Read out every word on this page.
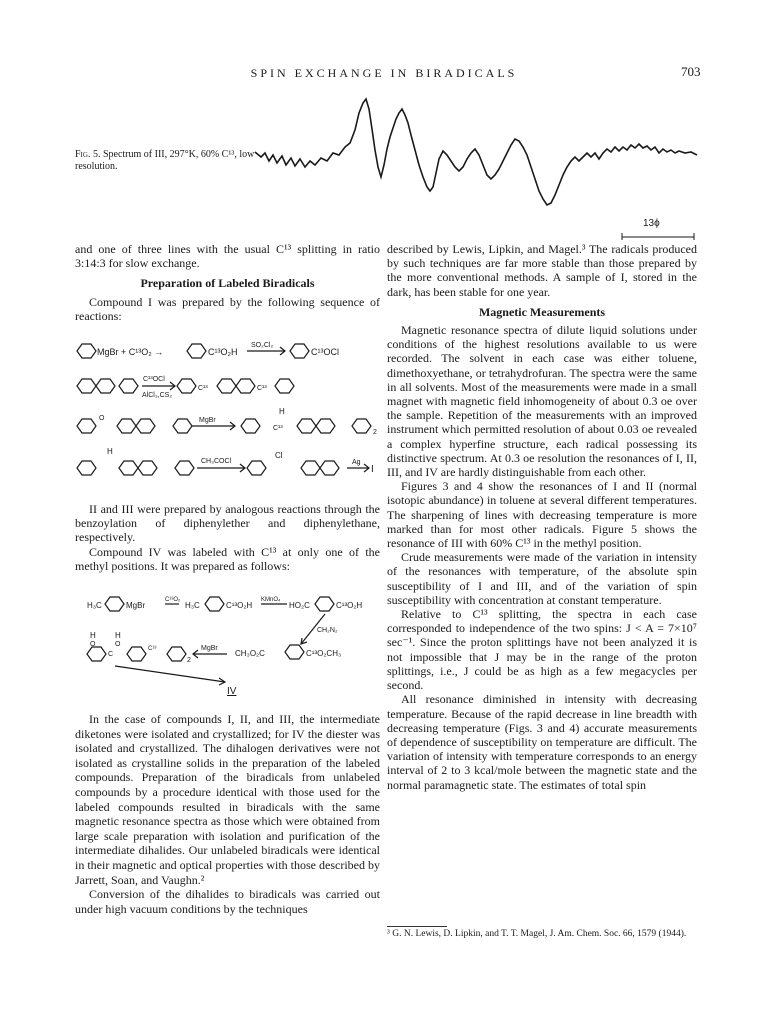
SPIN EXCHANGE IN BIRADICALS	703
Fig. 5. Spectrum of III, 297°K, 60% C¹³, low resolution.
13ϕ

and one of three lines with the usual C¹³ splitting in ratio 3:14:3 for slow exchange.

Preparation of Labeled Biradicals

Compound I was prepared by the following sequence of reactions:

MgBr + C¹³O₂ →	C¹³O₂H
SO₂Cl₂
C¹³OCl
C¹³OCl
AlCl₃,CS₂
C¹³	C¹³
O	MgBr
H
C¹³
2
H
CH₃COCl
Cl
Ag
I

II and III were prepared by analogous reactions through the benzoylation of diphenylether and diphenylethane, respectively.

Compound IV was labeled with C¹³ at only one of the methyl positions. It was prepared as follows:

H₃C	MgBr
C¹³O₂
H₃C	C¹³O₂H
KMnO₄
HO₂C	C¹³O₂H
CH₂N₂
H H
O	O
C
C¹³
2
MgBr
CH₃O₂C	C¹³O₂CH₃
IV

In the case of compounds I, II, and III, the intermediate diketones were isolated and crystallized; for IV the diester was isolated and crystallized. The dihalogen derivatives were not isolated as crystalline solids in the preparation of the labeled compounds. Preparation of the biradicals from unlabeled compounds by a procedure identical with those used for the labeled compounds resulted in biradicals with the same magnetic resonance spectra as those which were obtained from large scale preparation with isolation and purification of the intermediate dihalides. Our unlabeled biradicals were identical in their magnetic and optical properties with those described by Jarrett, Soan, and Vaughn.²

Conversion of the dihalides to biradicals was carried out under high vacuum conditions by the techniques

described by Lewis, Lipkin, and Magel.³ The radicals produced by such techniques are far more stable than those prepared by the more conventional methods. A sample of I, stored in the dark, has been stable for one year.

Magnetic Measurements

Magnetic resonance spectra of dilute liquid solutions under conditions of the highest resolutions available to us were recorded. The solvent in each case was either toluene, dimethoxyethane, or tetrahydrofuran. The spectra were the same in all solvents. Most of the measurements were made in a small magnet with magnetic field inhomogeneity of about 0.3 oe over the sample. Repetition of the measurements with an improved instrument which permitted resolution of about 0.03 oe revealed a complex hyperfine structure, each radical possessing its distinctive spectrum. At 0.3 oe resolution the resonances of I, II, III, and IV are hardly distinguishable from each other.

Figures 3 and 4 show the resonances of I and II (normal isotopic abundance) in toluene at several different temperatures. The sharpening of lines with decreasing temperature is more marked than for most other radicals. Figure 5 shows the resonance of III with 60% C¹³ in the methyl position.

Crude measurements were made of the variation in intensity of the resonances with temperature, of the absolute spin susceptibility of I and III, and of the variation of spin susceptibility with concentration at constant temperature.

Relative to C¹³ splitting, the spectra in each case corresponded to independence of the two spins: J < A = 7×10⁷ sec⁻¹. Since the proton splittings have not been analyzed it is not impossible that J may be in the range of the proton splittings, i.e., J could be as high as a few megacycles per second.

All resonance diminished in intensity with decreasing temperature. Because of the rapid decrease in line breadth with decreasing temperature (Figs. 3 and 4) accurate measurements of dependence of susceptibility on temperature are difficult. The variation of intensity with temperature corresponds to an energy interval of 2 to 3 kcal/mole between the magnetic state and the normal paramagnetic state. The estimates of total spin

³ G. N. Lewis, D. Lipkin, and T. T. Magel, J. Am. Chem. Soc. 66, 1579 (1944).
